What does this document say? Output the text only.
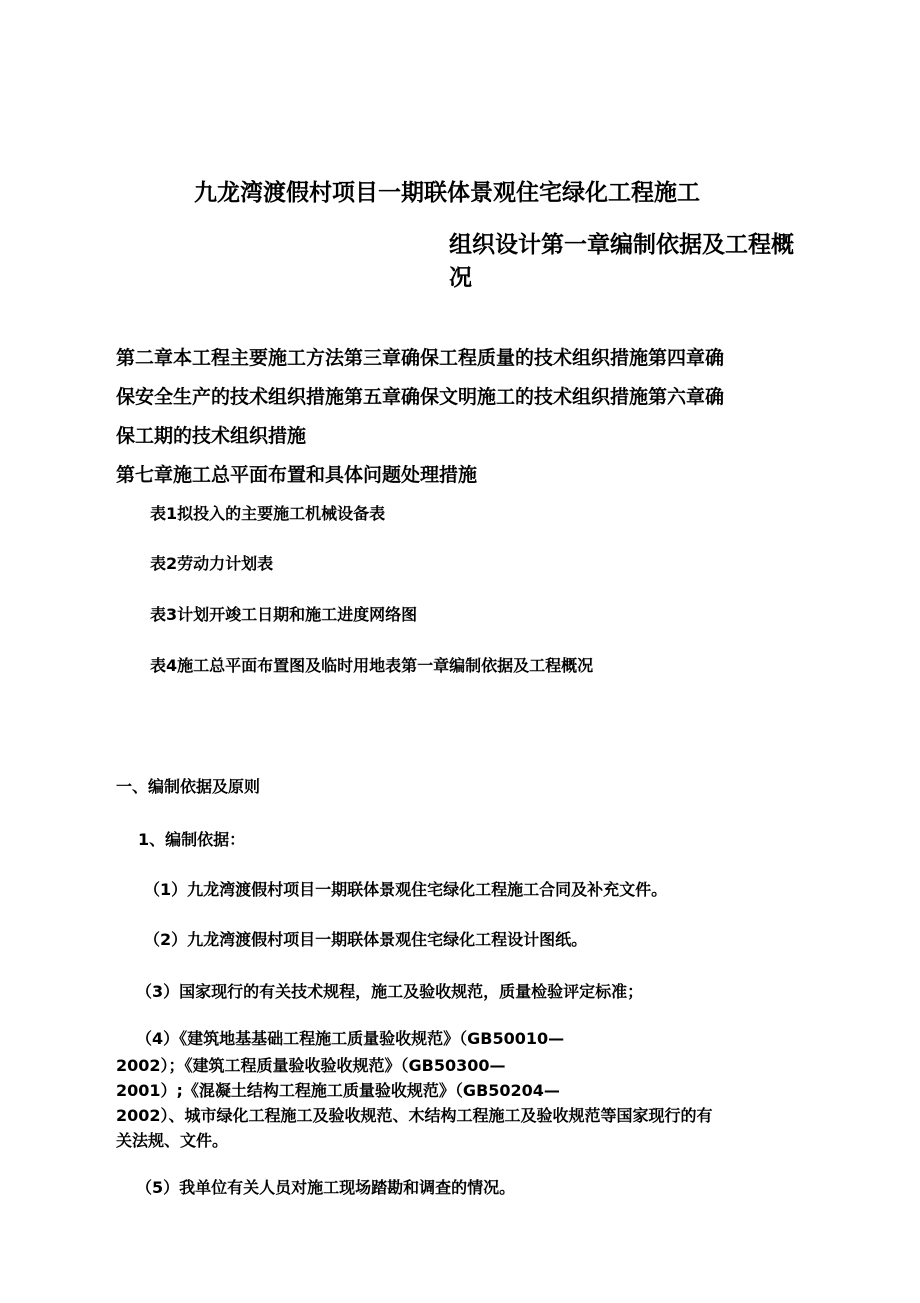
九龙湾渡假村项目一期联体景观住宅绿化工程施工
组织设计第一章编制依据及工程概
况
第二章本工程主要施工方法第三章确保工程质量的技术组织措施第四章确
保安全生产的技术组织措施第五章确保文明施工的技术组织措施第六章确
保工期的技术组织措施
第七章施工总平面布置和具体问题处理措施
表1拟投入的主要施工机械设备表
表2劳动力计划表
表3计划开竣工日期和施工进度网络图
表4施工总平面布置图及临时用地表第一章编制依据及工程概况
一、编制依据及原则
1、编制依据：
（1）九龙湾渡假村项目一期联体景观住宅绿化工程施工合同及补充文件。
（2）九龙湾渡假村项目一期联体景观住宅绿化工程设计图纸。
（3）国家现行的有关技术规程，施工及验收规范，质量检验评定标准；
（4）《建筑地基基础工程施工质量验收规范》（GB50010—
2002）；《建筑工程质量验收验收规范》（GB50300—
2001）;《混凝土结构工程施工质量验收规范》（GB50204—
2002）、城市绿化工程施工及验收规范、木结构工程施工及验收规范等国家现行的有
关法规、文件。
（5）我单位有关人员对施工现场踏勘和调查的情况。
